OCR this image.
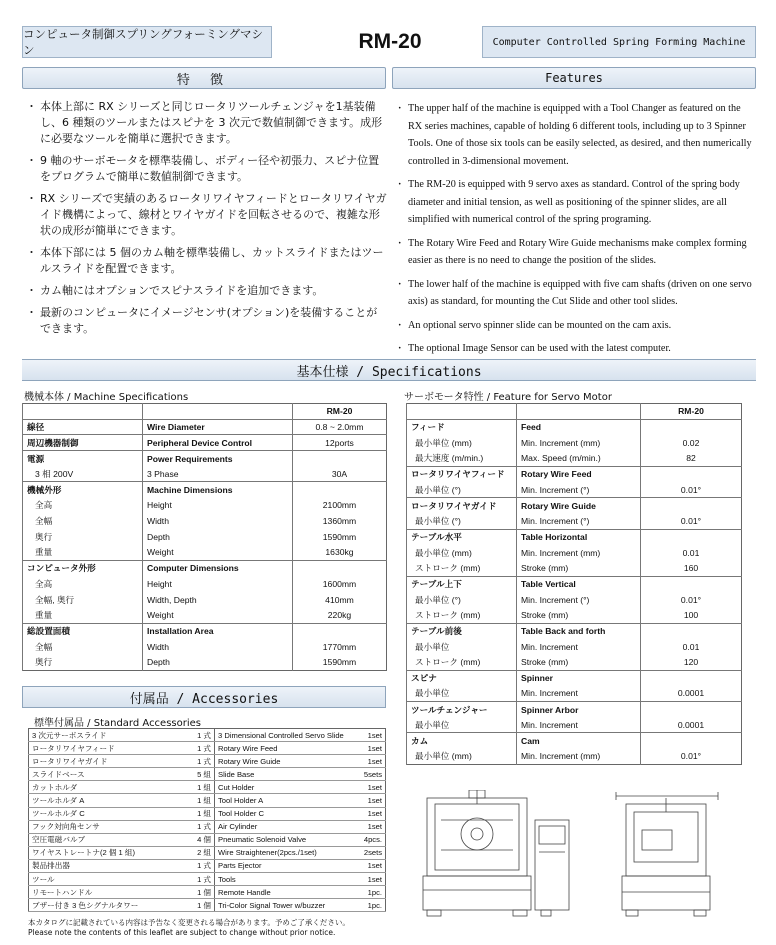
コンピュータ制御スプリングフォーミングマシン	RM-20	Computer Controlled Spring Forming Machine
特 徴	Features
・ 本体上部に RX シリーズと同じロータリツールチェンジャを1基装備し、6 種類のツールまたはスピナを 3 次元で数値制御できます。成形に必要なツールを簡単に選択できます。
・ 9 軸のサーボモータを標準装備し、ボディー径や初張力、スピナ位置をプログラムで簡単に数値制御できます。
・ RX シリーズで実績のあるロータリワイヤフィードとロータリワイヤガイド機構によって、線材とワイヤガイドを回転させるので、複雑な形状の成形が簡単にできます。
・ 本体下部には 5 個のカム軸を標準装備し、カットスライドまたはツールスライドを配置できます。
・ カム軸にはオプションでスピナスライドを追加できます。
・ 最新のコンピュータにイメージセンサ(オプション)を装備することができます。
· The upper half of the machine is equipped with a Tool Changer as featured on the RX series machines, capable of holding 6 different tools, including up to 3 Spinner Tools. One of those six tools can be easily selected, as desired, and then numerically controlled in 3-dimensional movement.
· The RM-20 is equipped with 9 servo axes as standard. Control of the spring body diameter and initial tension, as well as positioning of the spinner slides, are all simplified with numerical control of the spring programing.
· The Rotary Wire Feed and Rotary Wire Guide mechanisms make complex forming easier as there is no need to change the position of the slides.
· The lower half of the machine is equipped with five cam shafts (driven on one servo axis) as standard, for mounting the Cut Slide and other tool slides.
· An optional servo spinner slide can be mounted on the cam axis.
· The optional Image Sensor can be used with the latest computer.
基本仕様 / Specifications
機械本体 / Machine Specifications	サーボモータ特性 / Feature for Servo Motor
		RM-20
線径	Wire Diameter	0.8 ~ 2.0mm
周辺機器制御	Peripheral Device Control	12ports
電源	Power Requirements	
3 相 200V	3 Phase	30A
機械外形	Machine Dimensions	
全高	Height	2100mm
全幅	Width	1360mm
奥行	Depth	1590mm
重量	Weight	1630kg
コンピュータ外形	Computer Dimensions	
全高	Height	1600mm
全幅, 奥行	Width, Depth	410mm
重量	Weight	220kg
総設置面積	Installation Area	
全幅	Width	1770mm
奥行	Depth	1590mm
		RM-20
フィード	Feed	
最小単位 (mm)	Min. Increment (mm)	0.02
最大速度 (m/min.)	Max. Speed (m/min.)	82
ロータリワイヤフィード	Rotary Wire Feed	
最小単位 (°)	Min. Increment (°)	0.01°
ロータリワイヤガイド	Rotary Wire Guide	
最小単位 (°)	Min. Increment (°)	0.01°
テーブル水平	Table Horizontal	
最小単位 (mm)	Min. Increment (mm)	0.01
ストローク (mm)	Stroke (mm)	160
テーブル上下	Table Vertical	
最小単位 (°)	Min. Increment (°)	0.01°
ストローク (mm)	Stroke (mm)	100
テーブル前後	Table Back and forth	
最小単位	Min. Increment	0.01
ストローク (mm)	Stroke (mm)	120
スピナ	Spinner	
最小単位	Min. Increment	0.0001
ツールチェンジャー	Spinner Arbor	
最小単位	Min. Increment	0.0001
カム	Cam	
最小単位 (mm)	Min. Increment (mm)	0.01°
付属品 / Accessories
標準付属品 / Standard Accessories
3 次元サーボスライド	1 式	3 Dimensional Controlled Servo Slide	1set
ロータリワイヤフィード	1 式	Rotary Wire Feed	1set
ロータリワイヤガイド	1 式	Rotary Wire Guide	1set
スライドベース	5 組	Slide Base	5sets
カットホルダ	1 組	Cut Holder	1set
ツールホルダ A	1 組	Tool Holder A	1set
ツールホルダ C	1 組	Tool Holder C	1set
フック対向角センサ	1 式	Air Cylinder	1set
空圧電磁バルブ	4 個	Pneumatic Solenoid Valve	4pcs.
ワイヤストレートナ(2 個 1 組)	2 組	Wire Straightener(2pcs./1set)	2sets
製品排出器	1 式	Parts Ejector	1set
ツール	1 式	Tools	1set
リモートハンドル	1 個	Remote Handle	1pc.
ブザー付き 3 色シグナルタワー	1 個	Tri-Color Signal Tower w/buzzer	1pc.
本カタログに記載されている内容は予告なく変更される場合があります。予めご了承ください。
Please note the contents of this leaflet are subject to change without prior notice.
